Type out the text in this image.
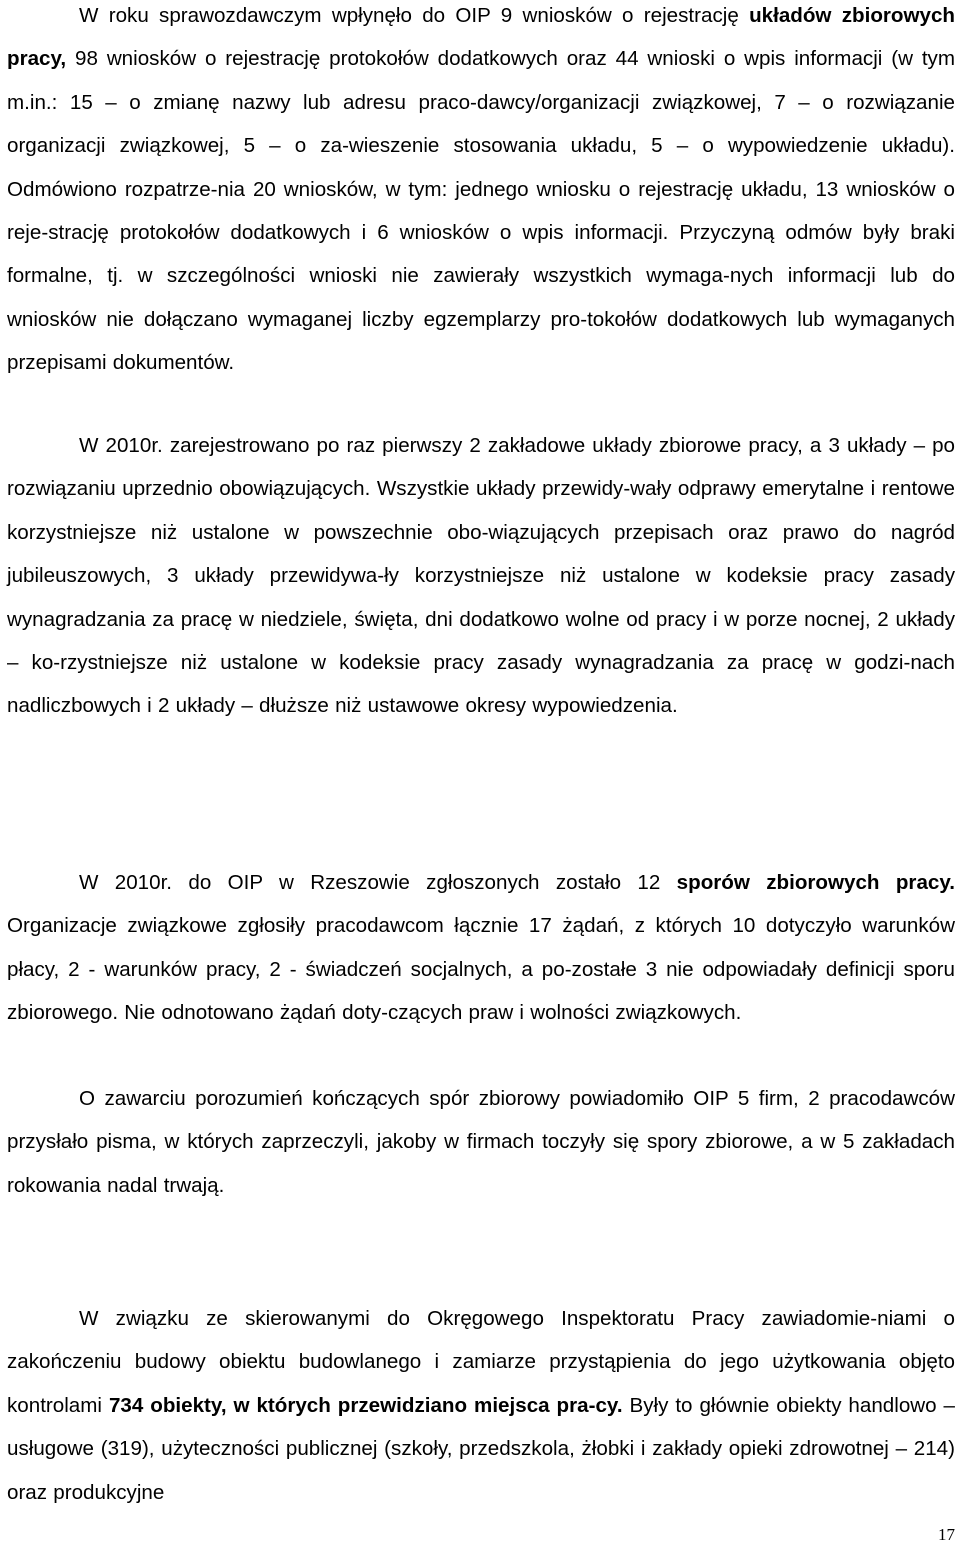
W roku sprawozdawczym wpłynęło do OIP 9 wniosków o rejestrację układów zbiorowych pracy, 98 wniosków o rejestrację protokołów dodatkowych oraz 44 wnioski o wpis informacji (w tym m.in.: 15 – o zmianę nazwy lub adresu praco-dawcy/organizacji związkowej, 7 – o rozwiązanie organizacji związkowej, 5 – o za-wieszenie stosowania układu, 5 – o wypowiedzenie układu). Odmówiono rozpatrze-nia 20 wniosków, w tym: jednego wniosku o rejestrację układu, 13 wniosków o reje-strację protokołów dodatkowych i 6 wniosków o wpis informacji. Przyczyną odmów były braki formalne, tj. w szczególności wnioski nie zawierały wszystkich wymaga-nych informacji lub do wniosków nie dołączano wymaganej liczby egzemplarzy pro-tokołów dodatkowych lub wymaganych przepisami dokumentów.

W 2010r. zarejestrowano po raz pierwszy 2 zakładowe układy zbiorowe pracy, a 3 układy – po rozwiązaniu uprzednio obowiązujących. Wszystkie układy przewidy-wały odprawy emerytalne i rentowe korzystniejsze niż ustalone w powszechnie obo-wiązujących przepisach oraz prawo do nagród jubileuszowych, 3 układy przewidywa-ły korzystniejsze niż ustalone w kodeksie pracy zasady wynagradzania za pracę w niedziele, święta, dni dodatkowo wolne od pracy i w porze nocnej, 2 układy – ko-rzystniejsze niż ustalone w kodeksie pracy zasady wynagradzania za pracę w godzi-nach nadliczbowych i 2 układy – dłuższe niż ustawowe okresy wypowiedzenia.

W 2010r. do OIP w Rzeszowie zgłoszonych zostało 12 sporów zbiorowych pracy. Organizacje związkowe zgłosiły pracodawcom łącznie 17 żądań, z których 10 dotyczyło warunków płacy, 2 - warunków pracy, 2 - świadczeń socjalnych, a po-zostałe 3 nie odpowiadały definicji sporu zbiorowego. Nie odnotowano żądań doty-czących praw i wolności związkowych.

O zawarciu porozumień kończących spór zbiorowy powiadomiło OIP 5 firm, 2 pracodawców przysłało pisma, w których zaprzeczyli, jakoby w firmach toczyły się spory zbiorowe, a w 5 zakładach rokowania nadal trwają.

W związku ze skierowanymi do Okręgowego Inspektoratu Pracy zawiadomie-niami o zakończeniu budowy obiektu budowlanego i zamiarze przystąpienia do jego użytkowania objęto kontrolami 734 obiekty, w których przewidziano miejsca pra-cy. Były to głównie obiekty handlowo – usługowe (319), użyteczności publicznej (szkoły, przedszkola, żłobki i zakłady opieki zdrowotnej – 214) oraz produkcyjne

17
